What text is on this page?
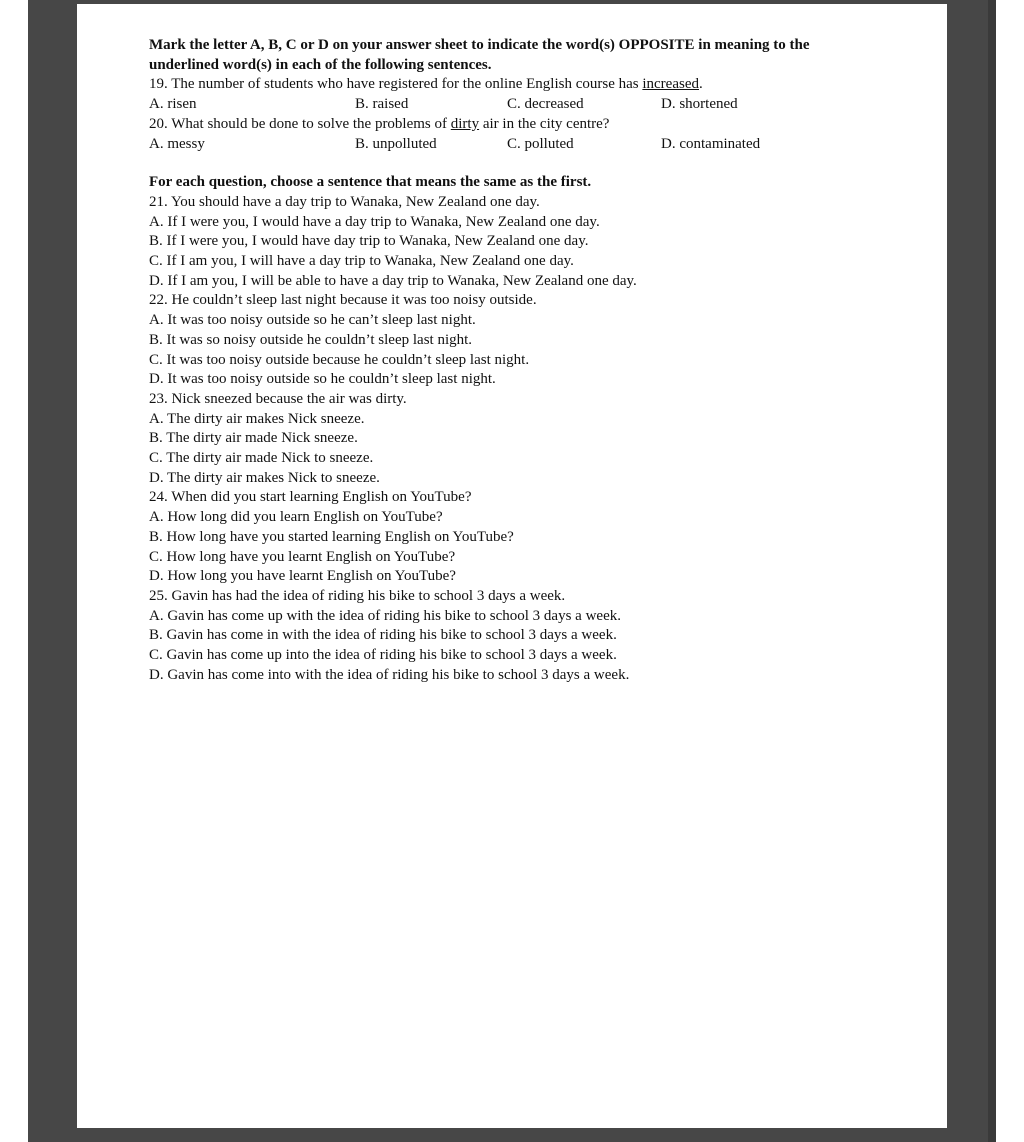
Mark the letter A, B, C or D on your answer sheet to indicate the word(s) OPPOSITE in meaning to the
underlined word(s) in each of the following sentences.
19. The number of students who have registered for the online English course has increased.
A. risen	B. raised	C. decreased	D. shortened
20. What should be done to solve the problems of dirty air in the city centre?
A. messy	B. unpolluted	C. polluted	D. contaminated
For each question, choose a sentence that means the same as the first.
21. You should have a day trip to Wanaka, New Zealand one day.
A. If I were you, I would have a day trip to Wanaka, New Zealand one day.
B. If I were you, I would have day trip to Wanaka, New Zealand one day.
C. If I am you, I will have a day trip to Wanaka, New Zealand one day.
D. If I am you, I will be able to have a day trip to Wanaka, New Zealand one day.
22. He couldn’t sleep last night because it was too noisy outside.
A. It was too noisy outside so he can’t sleep last night.
B. It was so noisy outside he couldn’t sleep last night.
C. It was too noisy outside because he couldn’t sleep last night.
D. It was too noisy outside so he couldn’t sleep last night.
23. Nick sneezed because the air was dirty.
A. The dirty air makes Nick sneeze.
B. The dirty air made Nick sneeze.
C. The dirty air made Nick to sneeze.
D. The dirty air makes Nick to sneeze.
24. When did you start learning English on YouTube?
A. How long did you learn English on YouTube?
B. How long have you started learning English on YouTube?
C. How long have you learnt English on YouTube?
D. How long you have learnt English on YouTube?
25. Gavin has had the idea of riding his bike to school 3 days a week.
A. Gavin has come up with the idea of riding his bike to school 3 days a week.
B. Gavin has come in with the idea of riding his bike to school 3 days a week.
C. Gavin has come up into the idea of riding his bike to school 3 days a week.
D. Gavin has come into with the idea of riding his bike to school 3 days a week.
